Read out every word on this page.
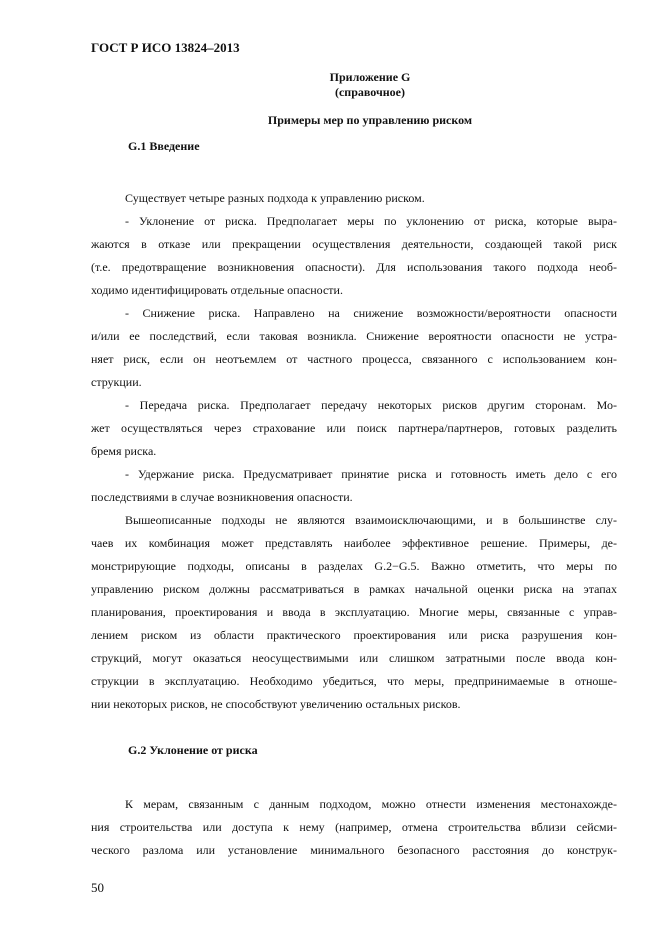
ГОСТ Р ИСО 13824–2013
Приложение G
(справочное)
Примеры мер по управлению риском
G.1 Введение
Существует четыре разных подхода к управлению риском.
- Уклонение от риска. Предполагает меры по уклонению от риска, которые выра-
жаются в отказе или прекращении осуществления деятельности, создающей такой риск
(т.е. предотвращение возникновения опасности). Для использования такого подхода необ-
ходимо идентифицировать отдельные опасности.
- Снижение риска. Направлено на снижение возможности/вероятности опасности
и/или ее последствий, если таковая возникла. Снижение вероятности опасности не устра-
няет риск, если он неотъемлем от частного процесса, связанного с использованием кон-
струкции.
- Передача риска. Предполагает передачу некоторых рисков другим сторонам. Мо-
жет осуществляться через страхование или поиск партнера/партнеров, готовых разделить
бремя риска.
- Удержание риска. Предусматривает принятие риска и готовность иметь дело с его
последствиями в случае возникновения опасности.
Вышеописанные подходы не являются взаимоисключающими, и в большинстве слу-
чаев их комбинация может представлять наиболее эффективное решение. Примеры, де-
монстрирующие подходы, описаны в разделах G.2−G.5. Важно отметить, что меры по
управлению риском должны рассматриваться в рамках начальной оценки риска на этапах
планирования, проектирования и ввода в эксплуатацию. Многие меры, связанные с управ-
лением риском из области практического проектирования или риска разрушения кон-
струкций, могут оказаться неосуществимыми или слишком затратными после ввода кон-
струкции в эксплуатацию. Необходимо убедиться, что меры, предпринимаемые в отноше-
нии некоторых рисков, не способствуют увеличению остальных рисков.
G.2 Уклонение от риска
К мерам, связанным с данным подходом, можно отнести изменения местонахожде-
ния строительства или доступа к нему (например, отмена строительства вблизи сейсми-
ческого разлома или установление минимального безопасного расстояния до конструк-
50
